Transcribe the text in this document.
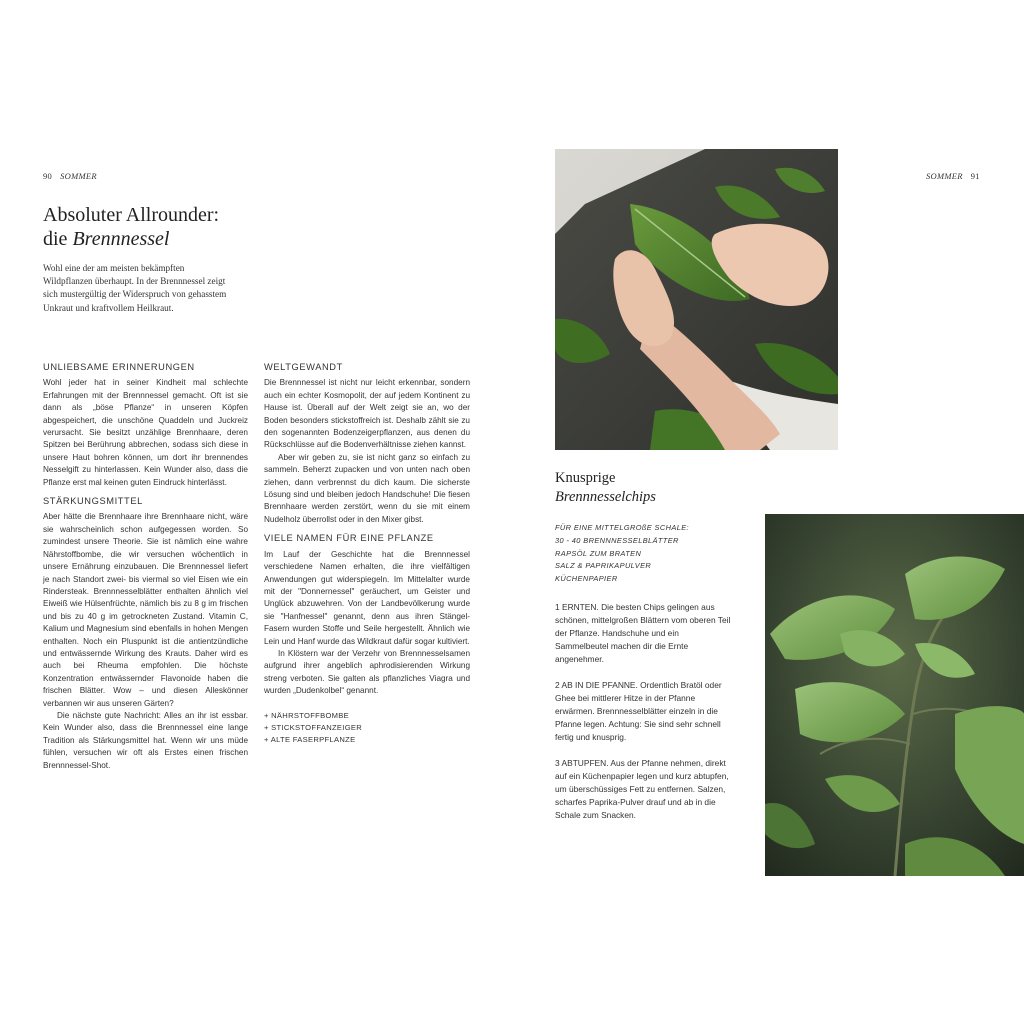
90 SOMMER
Absoluter Allrounder:
die Brennnessel
Wohl eine der am meisten bekämpften Wildpflanzen überhaupt. In der Brennnessel zeigt sich mustergültig der Widerspruch von gehasstem Unkraut und kraftvollem Heilkraut.
UNLIEBSAME ERINNERUNGEN

Wohl jeder hat in seiner Kindheit mal schlechte Erfahrungen mit der Brennnessel gemacht. Oft ist sie dann als „böse Pflanze“ in unseren Köpfen abgespeichert, die unschöne Quaddeln und Juckreiz verursacht. Sie besitzt unzählige Brennhaare, deren Spitzen bei Berührung abbrechen, sodass sich diese in unsere Haut bohren können, um dort ihr brennendes Nesselgift zu hinterlassen. Kein Wunder also, dass die Pflanze erst mal keinen guten Eindruck hinterlässt.

STÄRKUNGSMITTEL

Aber hätte die Brennhaare ihre Brennhaare nicht, wäre sie wahrscheinlich schon aufgegessen worden. So zumindest unsere Theorie. Sie ist nämlich eine wahre Nährstoffbombe, die wir versuchen wöchentlich in unsere Ernährung einzubauen. Die Brennnessel liefert je nach Standort zwei- bis viermal so viel Eisen wie ein Rindersteak. Brennnesselblätter enthalten ähnlich viel Eiweiß wie Hülsenfrüchte, nämlich bis zu 8 g im frischen und bis zu 40 g im getrockneten Zustand. Vitamin C, Kalium und Magnesium sind ebenfalls in hohen Mengen enthalten. Noch ein Pluspunkt ist die antientzündliche und entwässernde Wirkung des Krauts. Daher wird es auch bei Rheuma empfohlen. Die höchste Konzentration entwässernder Flavonoide haben die frischen Blätter. Wow – und diesen Alleskönner verbannen wir aus unseren Gärten?

Die nächste gute Nachricht: Alles an ihr ist essbar. Kein Wunder also, dass die Brennnessel eine lange Tradition als Stärkungsmittel hat. Wenn wir uns müde fühlen, versuchen wir oft als Erstes einen frischen Brennnessel-Shot.

WELTGEWANDT

Die Brennnessel ist nicht nur leicht erkennbar, sondern auch ein echter Kosmopolit, der auf jedem Kontinent zu Hause ist. Überall auf der Welt zeigt sie an, wo der Boden besonders stickstoffreich ist. Deshalb zählt sie zu den sogenannten Bodenzeigerpflanzen, aus denen du Rückschlüsse auf die Bodenverhältnisse ziehen kannst.

Aber wir geben zu, sie ist nicht ganz so einfach zu sammeln. Beherzt zupacken und von unten nach oben ziehen, dann verbrennst du dich kaum. Die sicherste Lösung sind und bleiben jedoch Handschuhe! Die fiesen Brennhaare werden zerstört, wenn du sie mit einem Nudelholz überrollst oder in den Mixer gibst.

VIELE NAMEN FÜR EINE PFLANZE

Im Lauf der Geschichte hat die Brennnessel verschiedene Namen erhalten, die ihre vielfältigen Anwendungen gut widerspiegeln. Im Mittelalter wurde mit der "Donnernessel" geräuchert, um Geister und Unglück abzuwehren. Von der Landbevölkerung wurde sie "Hanfnessel" genannt, denn aus ihren Stängel-Fasern wurden Stoffe und Seile hergestellt. Ähnlich wie Lein und Hanf wurde das Wildkraut dafür sogar kultiviert.

In Klöstern war der Verzehr von Brennnesselsamen aufgrund ihrer angeblich aphrodisierenden Wirkung streng verboten. Sie galten als pflanzliches Viagra und wurden „Dudenkolbel“ genannt.

+ NÄHRSTOFFBOMBE
+ STICKSTOFFANZEIGER
+ ALTE FASERPFLANZE
SOMMER 91
Knusprige
Brennnesselchips
FÜR EINE MITTELGROßE SCHALE:
30 - 40 BRENNNESSELBLÄTTER
RAPSÖL ZUM BRATEN
SALZ & PAPRIKAPULVER
KÜCHENPAPIER

1 ERNTEN. Die besten Chips gelingen aus schönen, mittelgroßen Blättern vom oberen Teil der Pflanze. Handschuhe und ein Sammelbeutel machen dir die Ernte angenehmer.

2 AB IN DIE PFANNE. Ordentlich Bratöl oder Ghee bei mittlerer Hitze in der Pfanne erwärmen. Brennnesselblätter einzeln in die Pfanne legen. Achtung: Sie sind sehr schnell fertig und knusprig.

3 ABTUPFEN. Aus der Pfanne nehmen, direkt auf ein Küchenpapier legen und kurz abtupfen, um überschüssiges Fett zu entfernen. Salzen, scharfes Paprika-Pulver drauf und ab in die Schale zum Snacken.
